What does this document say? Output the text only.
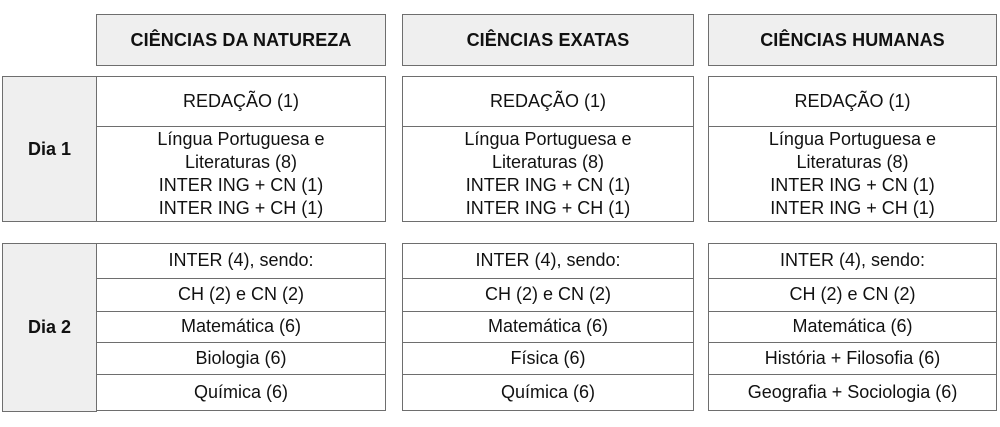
CIÊNCIAS DA NATUREZA	CIÊNCIAS EXATAS	CIÊNCIAS HUMANAS
Dia 1
Dia 2
REDAÇÃO (1)
Língua Portuguesa e
Literaturas (8)
INTER ING + CN (1)
INTER ING + CH (1)
REDAÇÃO (1)
Língua Portuguesa e
Literaturas (8)
INTER ING + CN (1)
INTER ING + CH (1)
REDAÇÃO (1)
Língua Portuguesa e
Literaturas (8)
INTER ING + CN (1)
INTER ING + CH (1)
INTER (4), sendo:
CH (2) e CN (2)
Matemática (6)
Biologia (6)
Química (6)
INTER (4), sendo:
CH (2) e CN (2)
Matemática (6)
Física (6)
Química (6)
INTER (4), sendo:
CH (2) e CN (2)
Matemática (6)
História + Filosofia (6)
Geografia + Sociologia (6)
